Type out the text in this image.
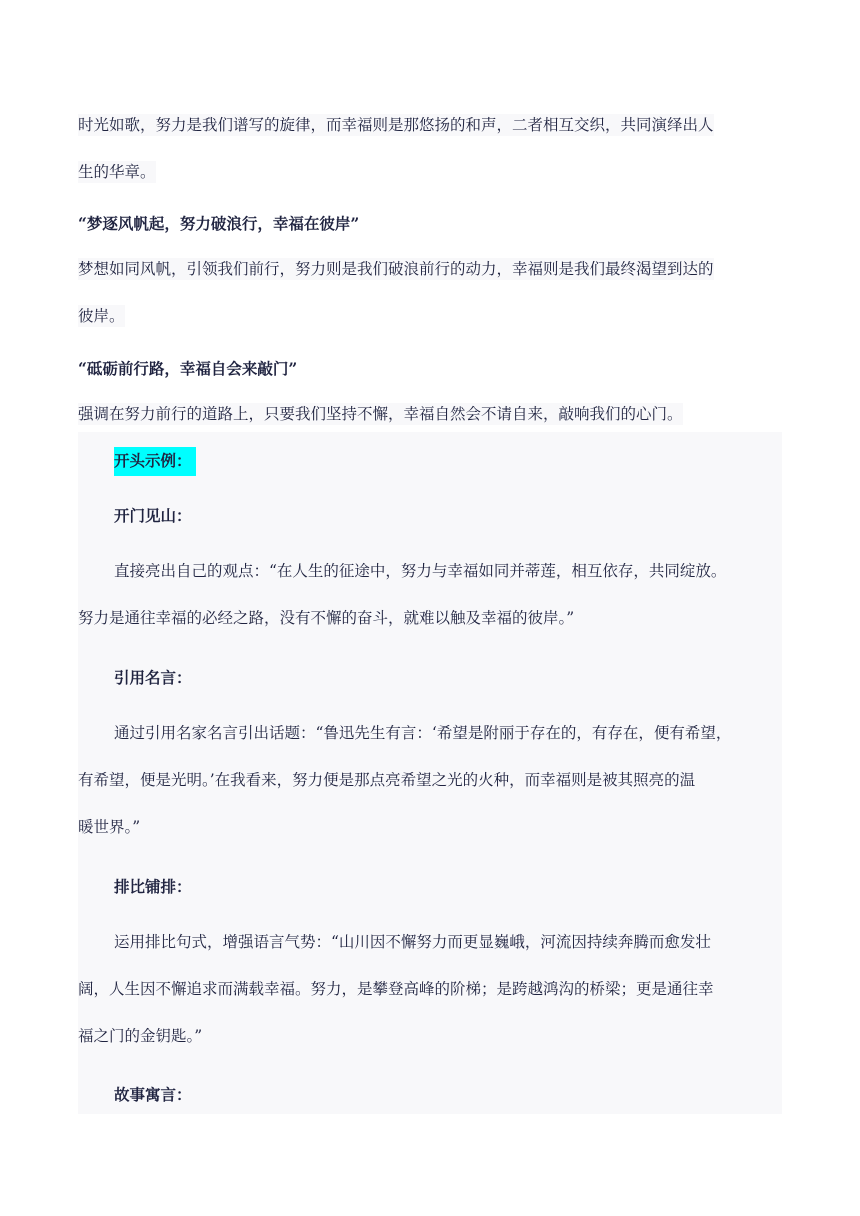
时光如歌，努力是我们谱写的旋律，而幸福则是那悠扬的和声，二者相互交织，共同演绎出人
生的华章。
“梦逐风帆起，努力破浪行，幸福在彼岸”
梦想如同风帆，引领我们前行，努力则是我们破浪前行的动力，幸福则是我们最终渴望到达的
彼岸。
“砥砺前行路，幸福自会来敲门”
强调在努力前行的道路上，只要我们坚持不懈，幸福自然会不请自来，敲响我们的心门。
开头示例：
开门见山：
直接亮出自己的观点：“在人生的征途中，努力与幸福如同并蒂莲，相互依存，共同绽放。
努力是通往幸福的必经之路，没有不懈的奋斗，就难以触及幸福的彼岸。”
引用名言：
通过引用名家名言引出话题：“鲁迅先生有言：‘希望是附丽于存在的，有存在，便有希望，
有希望，便是光明。’在我看来，努力便是那点亮希望之光的火种，而幸福则是被其照亮的温
暖世界。”
排比铺排：
运用排比句式，增强语言气势：“山川因不懈努力而更显巍峨，河流因持续奔腾而愈发壮
阔，人生因不懈追求而满载幸福。努力，是攀登高峰的阶梯；是跨越鸿沟的桥梁；更是通往幸
福之门的金钥匙。”
故事寓言：
